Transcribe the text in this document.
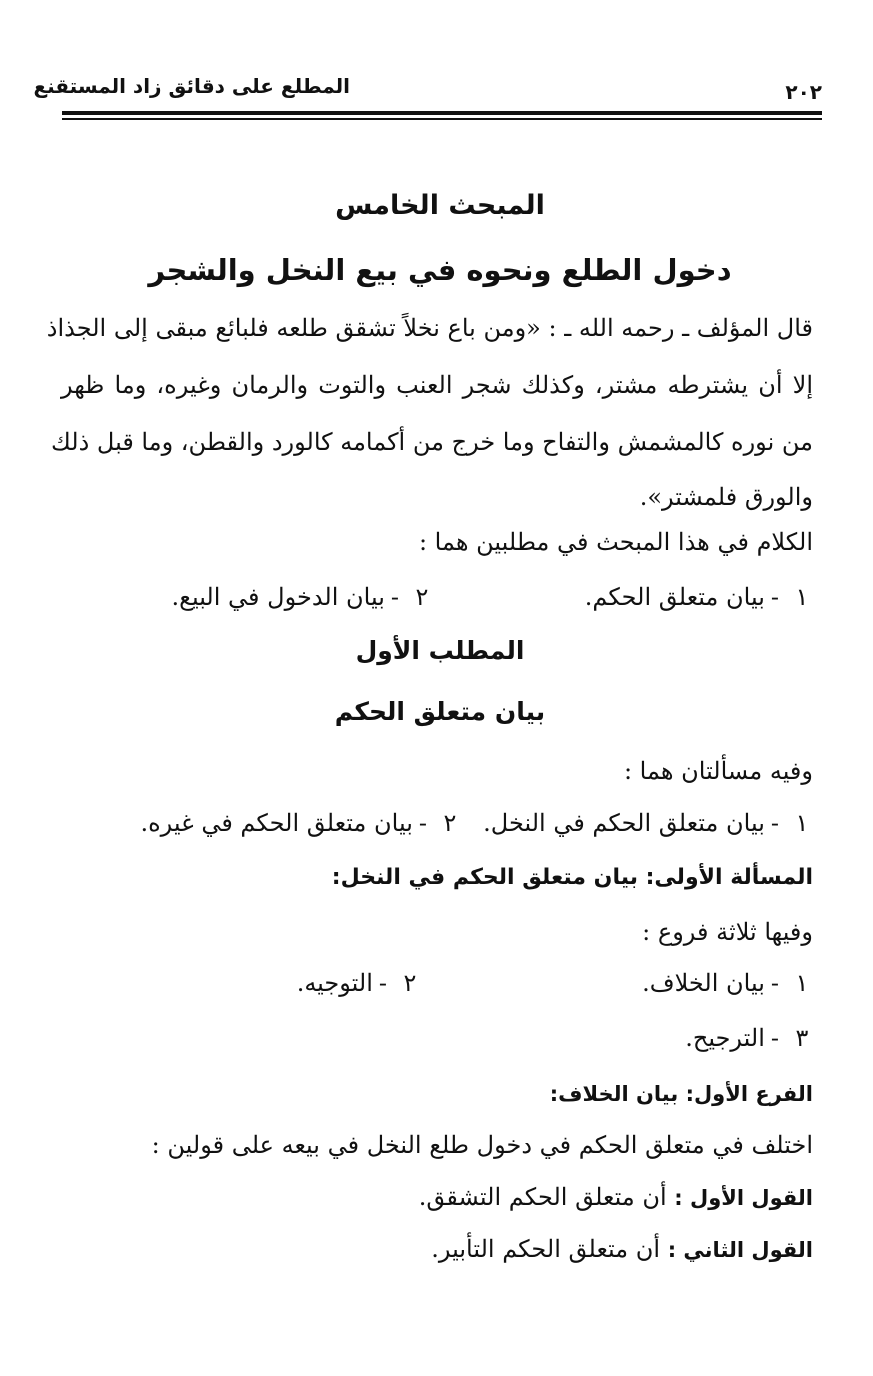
٢٠٢
المطلع على دقائق زاد المستقنع
المبحث الخامس
دخول الطلع ونحوه في بيع النخل والشجر
قال المؤلف ـ رحمه الله ـ : «ومن باع نخلاً تشقق طلعه فلبائع مبقى إلى الجذاذ
إلا أن يشترطه مشتر، وكذلك شجر العنب والتوت والرمان وغيره، وما ظهر
من نوره كالمشمش والتفاح وما خرج من أكمامه كالورد والقطن، وما قبل ذلك
والورق فلمشتر».
الكلام في هذا المبحث في مطلبين هما :
١-بيان متعلق الحكم.
٢-بيان الدخول في البيع.
المطلب الأول
بيان متعلق الحكم
وفيه مسألتان هما :
١-بيان متعلق الحكم في النخل.
٢-بيان متعلق الحكم في غيره.
المسألة الأولى: بيان متعلق الحكم في النخل:
وفيها ثلاثة فروع :
١-بيان الخلاف.
٢-التوجيه.
٣-الترجيح.
الفرع الأول: بيان الخلاف:
اختلف في متعلق الحكم في دخول طلع النخل في بيعه على قولين :
القول الأول : أن متعلق الحكم التشقق.
القول الثاني : أن متعلق الحكم التأبير.
